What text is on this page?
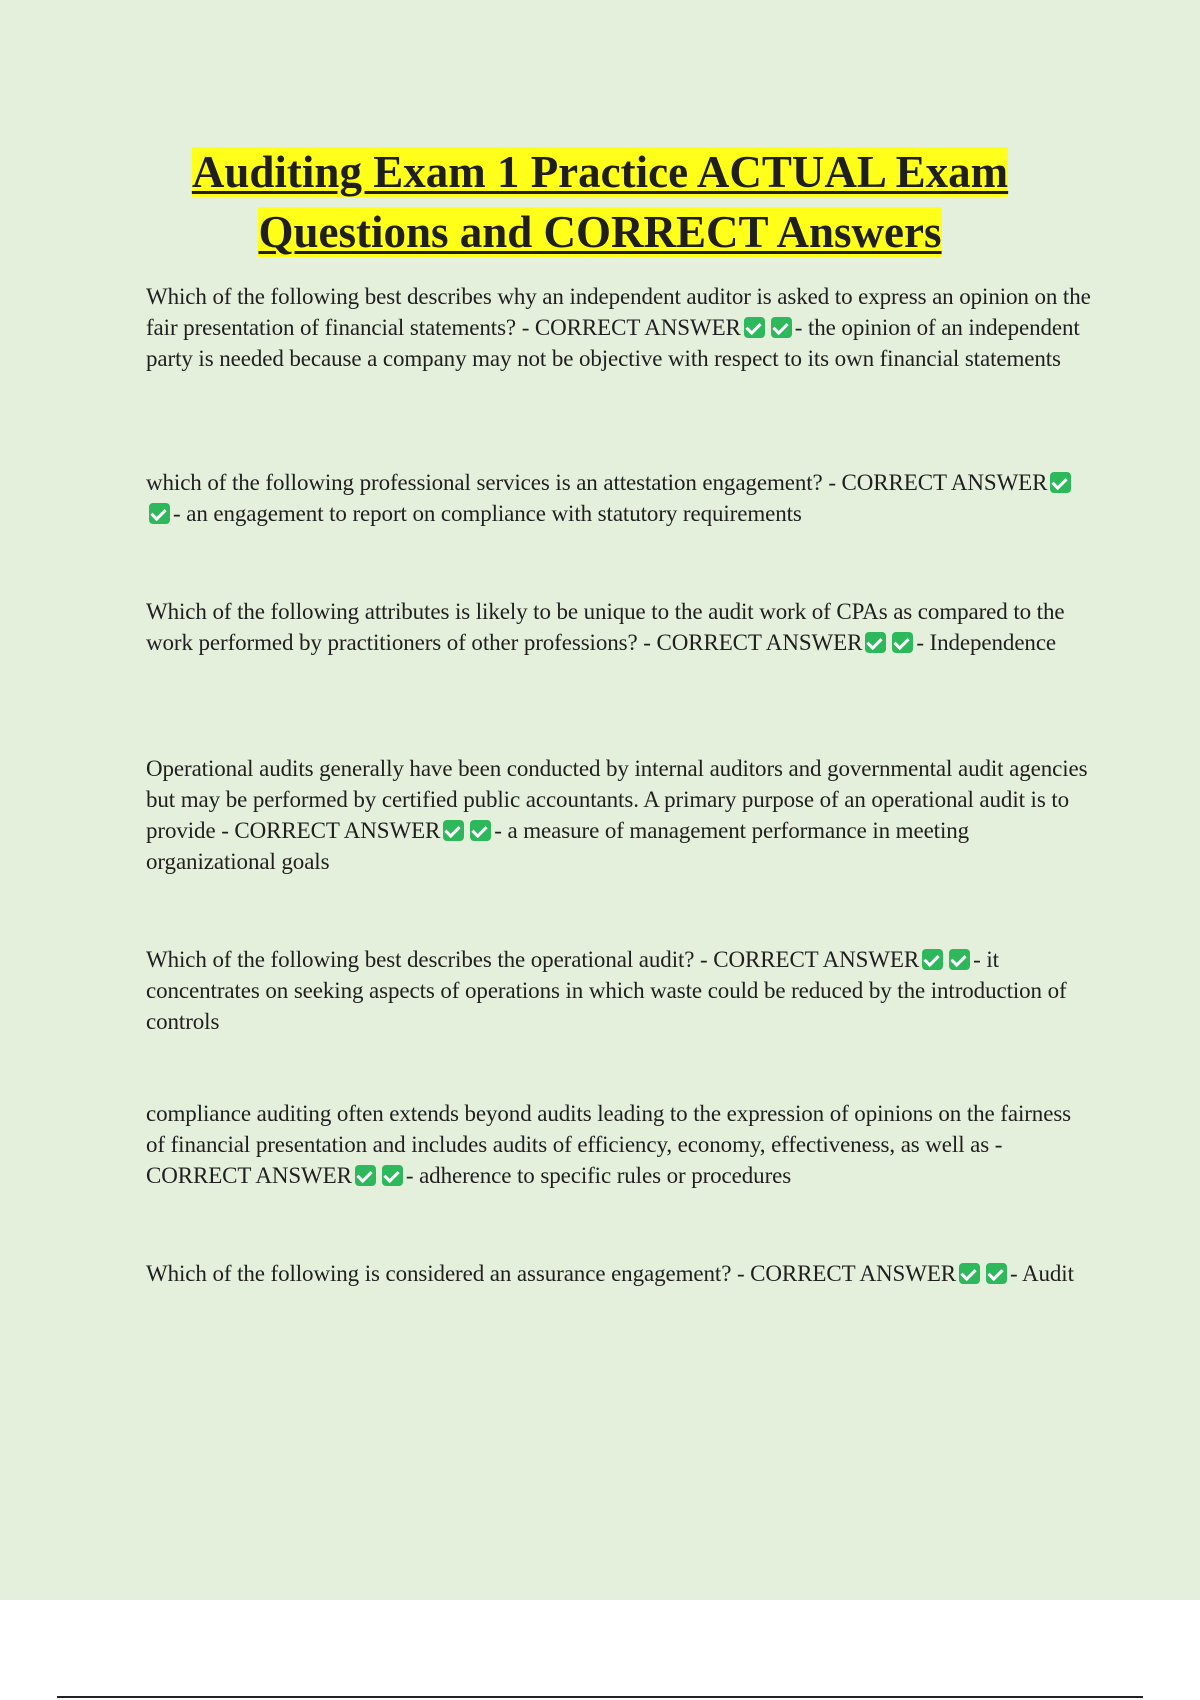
Auditing Exam 1 Practice ACTUAL Exam Questions and CORRECT Answers

Which of the following best describes why an independent auditor is asked to express an opinion on the fair presentation of financial statements? - CORRECT ANSWER - the opinion of an independent party is needed because a company may not be objective with respect to its own financial statements

which of the following professional services is an attestation engagement? - CORRECT ANSWER- an engagement to report on compliance with statutory requirements

Which of the following attributes is likely to be unique to the audit work of CPAs as compared to the work performed by practitioners of other professions? - CORRECT ANSWER - Independence

Operational audits generally have been conducted by internal auditors and governmental audit agencies but may be performed by certified public accountants. A primary purpose of an operational audit is to provide - CORRECT ANSWER - a measure of management performance in meeting organizational goals

Which of the following best describes the operational audit? - CORRECT ANSWER - it concentrates on seeking aspects of operations in which waste could be reduced by the introduction of controls

compliance auditing often extends beyond audits leading to the expression of opinions on the fairness of financial presentation and includes audits of efficiency, economy, effectiveness, as well as - CORRECT ANSWER - adherence to specific rules or procedures

Which of the following is considered an assurance engagement? - CORRECT ANSWER - Audit
